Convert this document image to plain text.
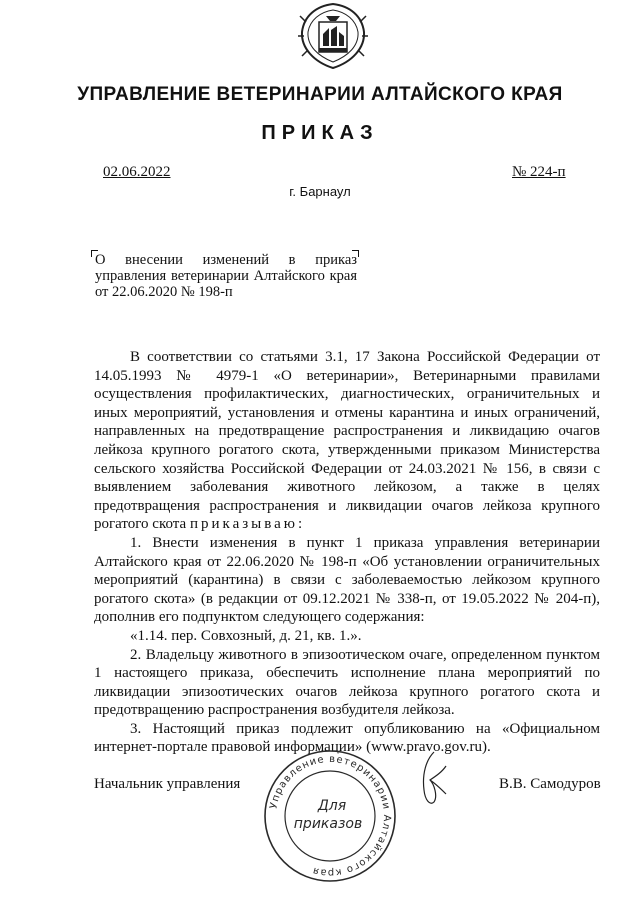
УПРАВЛЕНИЕ ВЕТЕРИНАРИИ АЛТАЙСКОГО КРАЯ
ПРИКАЗ
02.06.2022	№ 224-п
г. Барнаул

О внесении изменений в приказ управления ветеринарии Алтайского края от 22.06.2020 № 198-п

В соответствии со статьями 3.1, 17 Закона Российской Федерации от 14.05.1993 № 4979-1 «О ветеринарии», Ветеринарными правилами осуществления профилактических, диагностических, ограничительных и иных мероприятий, установления и отмены карантина и иных ограничений, направленных на предотвращение распространения и ликвидацию очагов лейкоза крупного рогатого скота, утвержденными приказом Министерства сельского хозяйства Российской Федерации от 24.03.2021 № 156, в связи с выявлением заболевания животного лейкозом, а также в целях предотвращения распространения и ликвидации очагов лейкоза крупного рогатого скота приказываю:

1. Внести изменения в пункт 1 приказа управления ветеринарии Алтайского края от 22.06.2020 № 198-п «Об установлении ограничительных мероприятий (карантина) в связи с заболеваемостью лейкозом крупного рогатого скота» (в редакции от 09.12.2021 № 338-п, от 19.05.2022 № 204-п), дополнив его подпунктом следующего содержания:

«1.14. пер. Совхозный, д. 21, кв. 1.».

2. Владельцу животного в эпизоотическом очаге, определенном пунктом 1 настоящего приказа, обеспечить исполнение плана мероприятий по ликвидации эпизоотических очагов лейкоза крупного рогатого скота и предотвращению распространения возбудителя лейкоза.

3. Настоящий приказ подлежит опубликованию на «Официальном интернет-портале правовой информации» (www.pravo.gov.ru).

Начальник управления	В.В. Самодуров
Управление ветеринарии Алтайского края
Для
приказов
